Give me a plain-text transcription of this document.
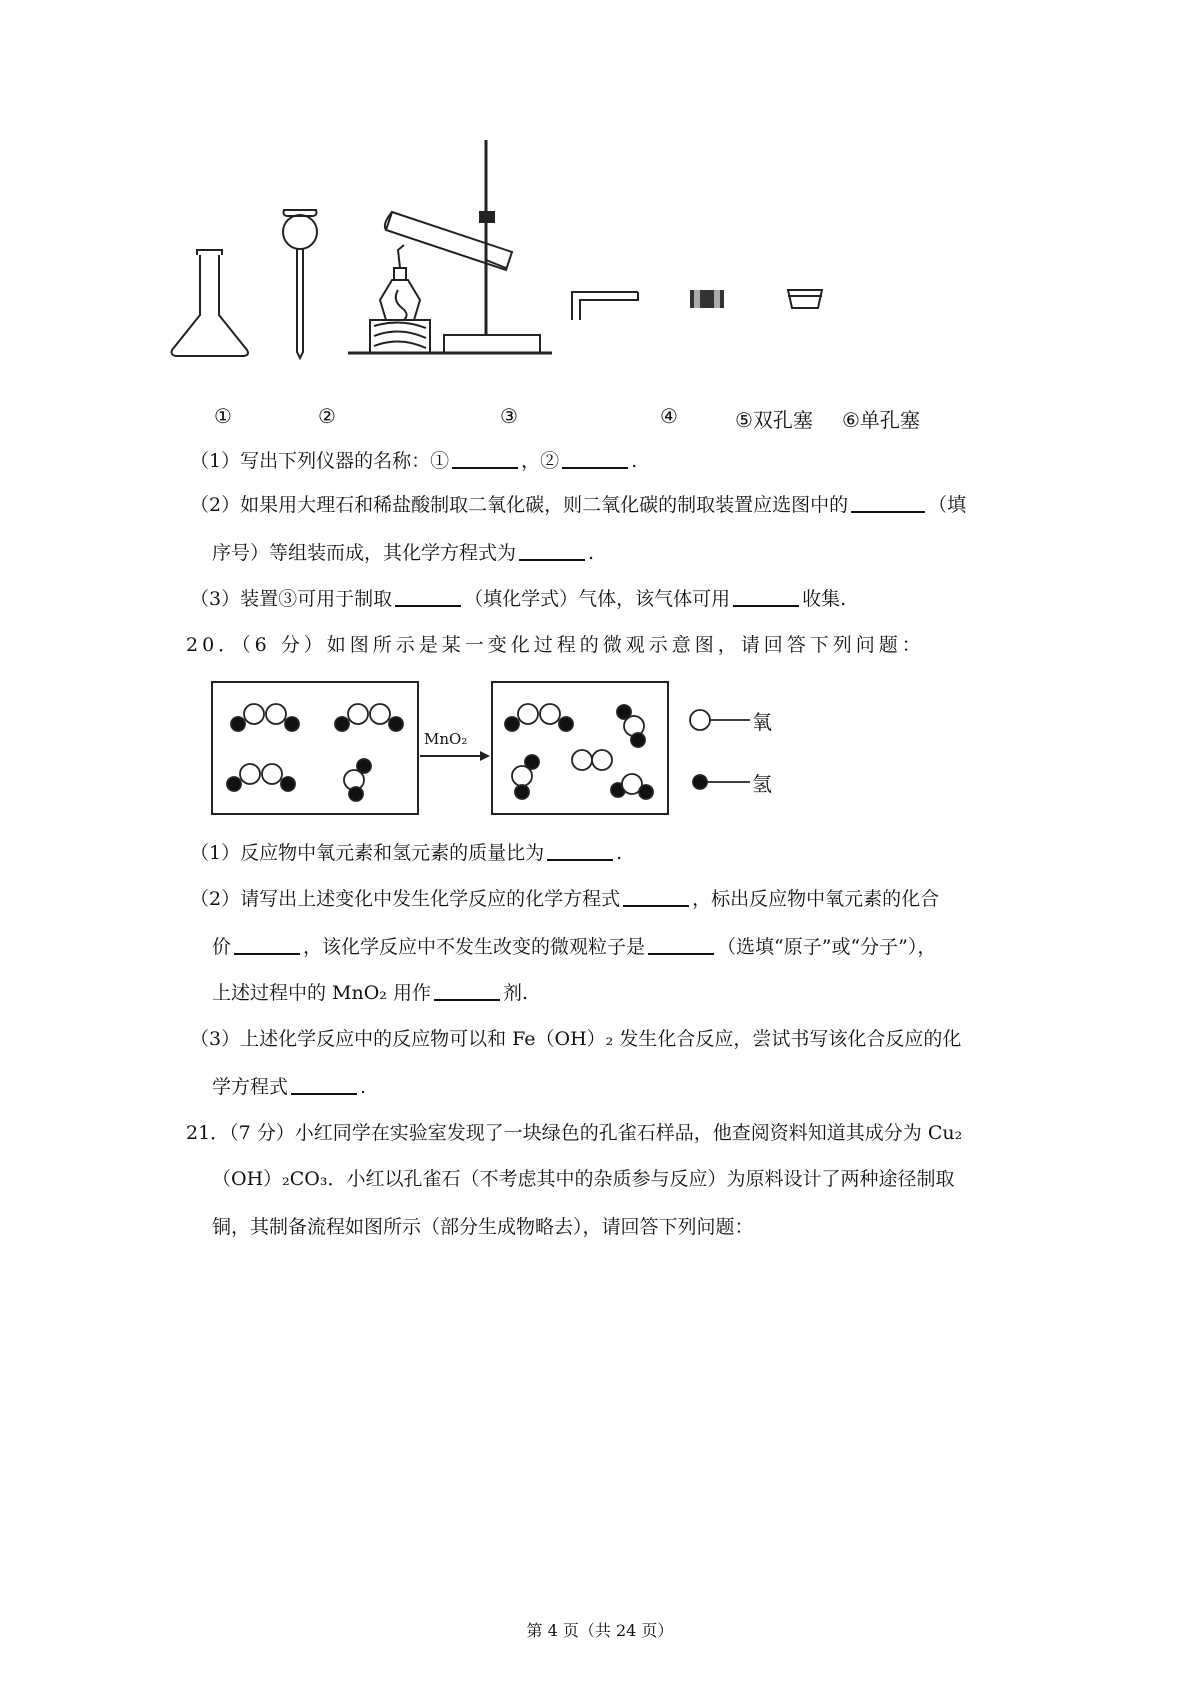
①	②	③	④	⑤双孔塞 ⑥单孔塞
（1）写出下列仪器的名称：①	，②	.
（2）如果用大理石和稀盐酸制取二氧化碳，则二氧化碳的制取装置应选图中的	（填
序号）等组装而成，其化学方程式为	.
（3）装置③可用于制取	（填化学式）气体，该气体可用	收集.
20．（6 分）如图所示是某一变化过程的微观示意图，请回答下列问题：
MnO₂
氧
氢
（1）反应物中氧元素和氢元素的质量比为	.
（2）请写出上述变化中发生化学反应的化学方程式	，标出反应物中氧元素的化合
价	，该化学反应中不发生改变的微观粒子是	（选填“原子”或“分子”），
上述过程中的 MnO₂ 用作	剂.
（3）上述化学反应中的反应物可以和 Fe（OH）₂ 发生化合反应，尝试书写该化合反应的化
学方程式	.
21．（7 分）小红同学在实验室发现了一块绿色的孔雀石样品，他查阅资料知道其成分为 Cu₂
（OH）₂CO₃．小红以孔雀石（不考虑其中的杂质参与反应）为原料设计了两种途径制取
铜，其制备流程如图所示（部分生成物略去），请回答下列问题：
第 4 页（共 24 页）
